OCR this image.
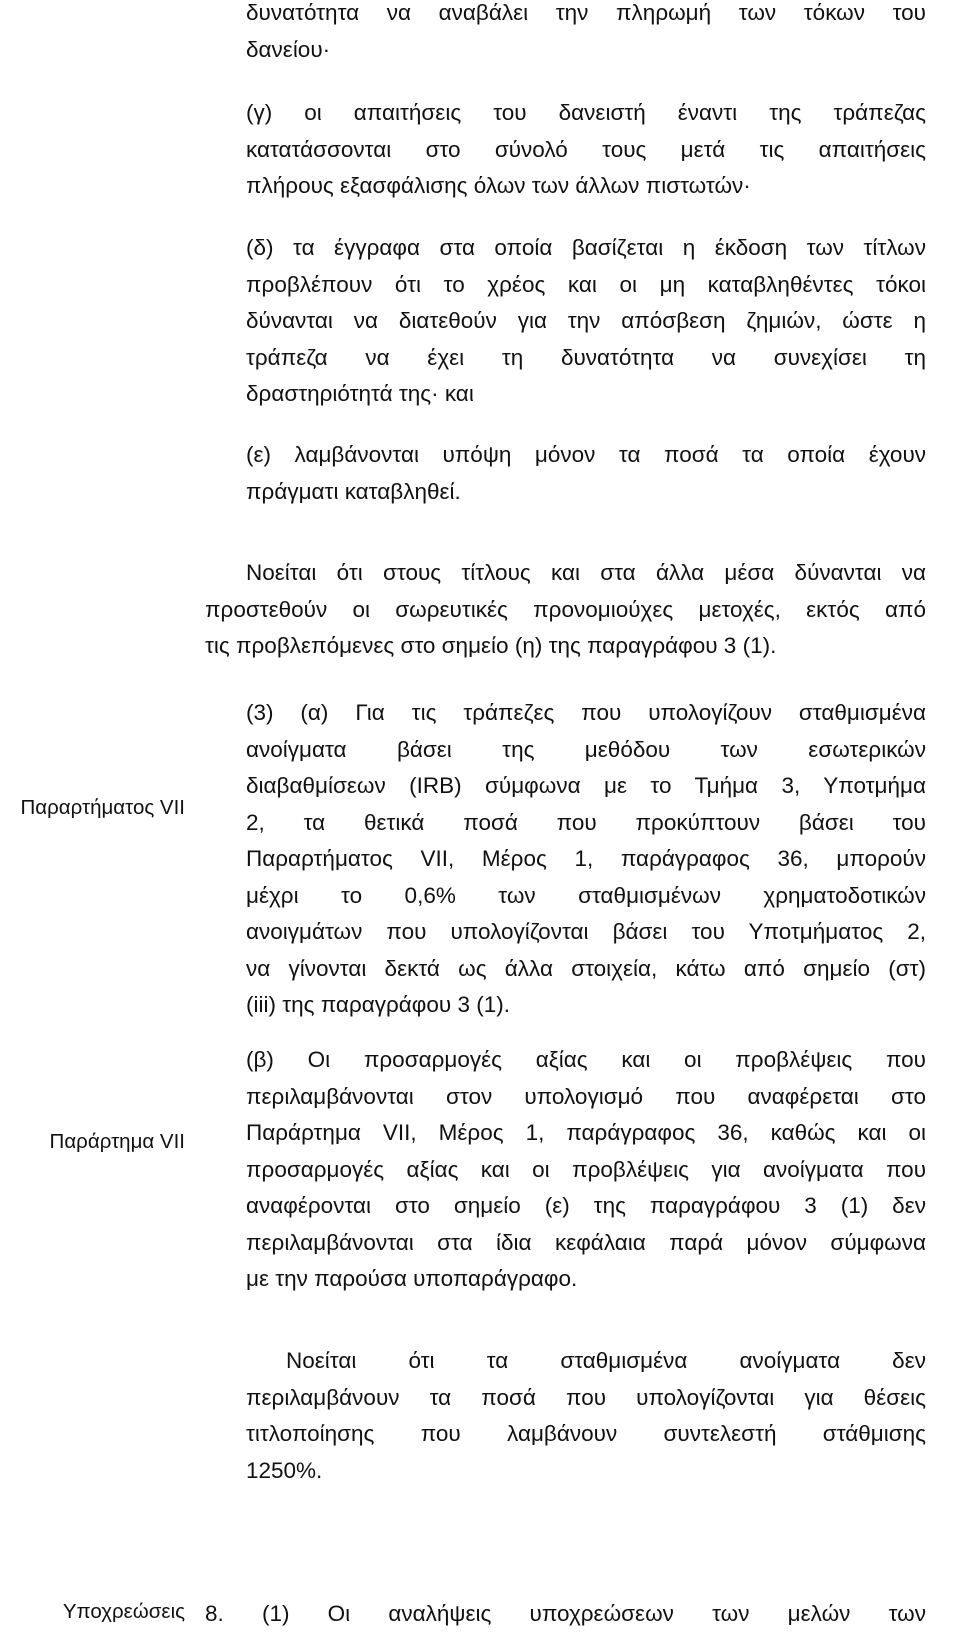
δυνατότητα να αναβάλει την πληρωμή των τόκων του
δανείου·

(γ) οι απαιτήσεις του δανειστή έναντι της τράπεζας
κατατάσσονται στο σύνολό τους μετά τις απαιτήσεις
πλήρους εξασφάλισης όλων των άλλων πιστωτών·

(δ) τα έγγραφα στα οποία βασίζεται η έκδοση των τίτλων
προβλέπουν ότι το χρέος και οι μη καταβληθέντες τόκοι
δύνανται να διατεθούν για την απόσβεση ζημιών, ώστε η
τράπεζα να έχει τη δυνατότητα να συνεχίσει τη
δραστηριότητά της· και

(ε) λαμβάνονται υπόψη μόνον τα ποσά τα οποία έχουν
πράγματι καταβληθεί.

(3) (α) Για τις τράπεζες που υπολογίζουν σταθμισμένα
ανοίγματα βάσει της μεθόδου των εσωτερικών
διαβαθμίσεων (IRB) σύμφωνα με το Τμήμα 3, Υποτμήμα
2, τα θετικά ποσά που προκύπτουν βάσει του
Παραρτήματος VII, Μέρος 1, παράγραφος 36, μπορούν
μέχρι το 0,6% των σταθμισμένων χρηματοδοτικών
ανοιγμάτων που υπολογίζονται βάσει του Υποτμήματος 2,
να γίνονται δεκτά ως άλλα στοιχεία, κάτω από σημείο (στ)
(iii) της παραγράφου 3 (1).

(β) Οι προσαρμογές αξίας και οι προβλέψεις που
περιλαμβάνονται στον υπολογισμό που αναφέρεται στο
Παράρτημα VII, Μέρος 1, παράγραφος 36, καθώς και οι
προσαρμογές αξίας και οι προβλέψεις για ανοίγματα που
αναφέρονται στο σημείο (ε) της παραγράφου 3 (1) δεν
περιλαμβάνονται στα ίδια κεφάλαια παρά μόνον σύμφωνα
με την παρούσα υποπαράγραφο.

Νοείται ότι τα σταθμισμένα ανοίγματα δεν
περιλαμβάνουν τα ποσά που υπολογίζονται για θέσεις
τιτλοποίησης που λαμβάνουν συντελεστή στάθμισης
1250%.

Νοείται ότι στους τίτλους και στα άλλα μέσα δύνανται να
προστεθούν οι σωρευτικές προνομιούχες μετοχές, εκτός από
τις προβλεπόμενες στο σημείο (η) της παραγράφου 3 (1).

8. (1) Οι αναλήψεις υποχρεώσεων των μελών των

Παραρτήματος VII
Παράρτημα VII
Υποχρεώσεις
